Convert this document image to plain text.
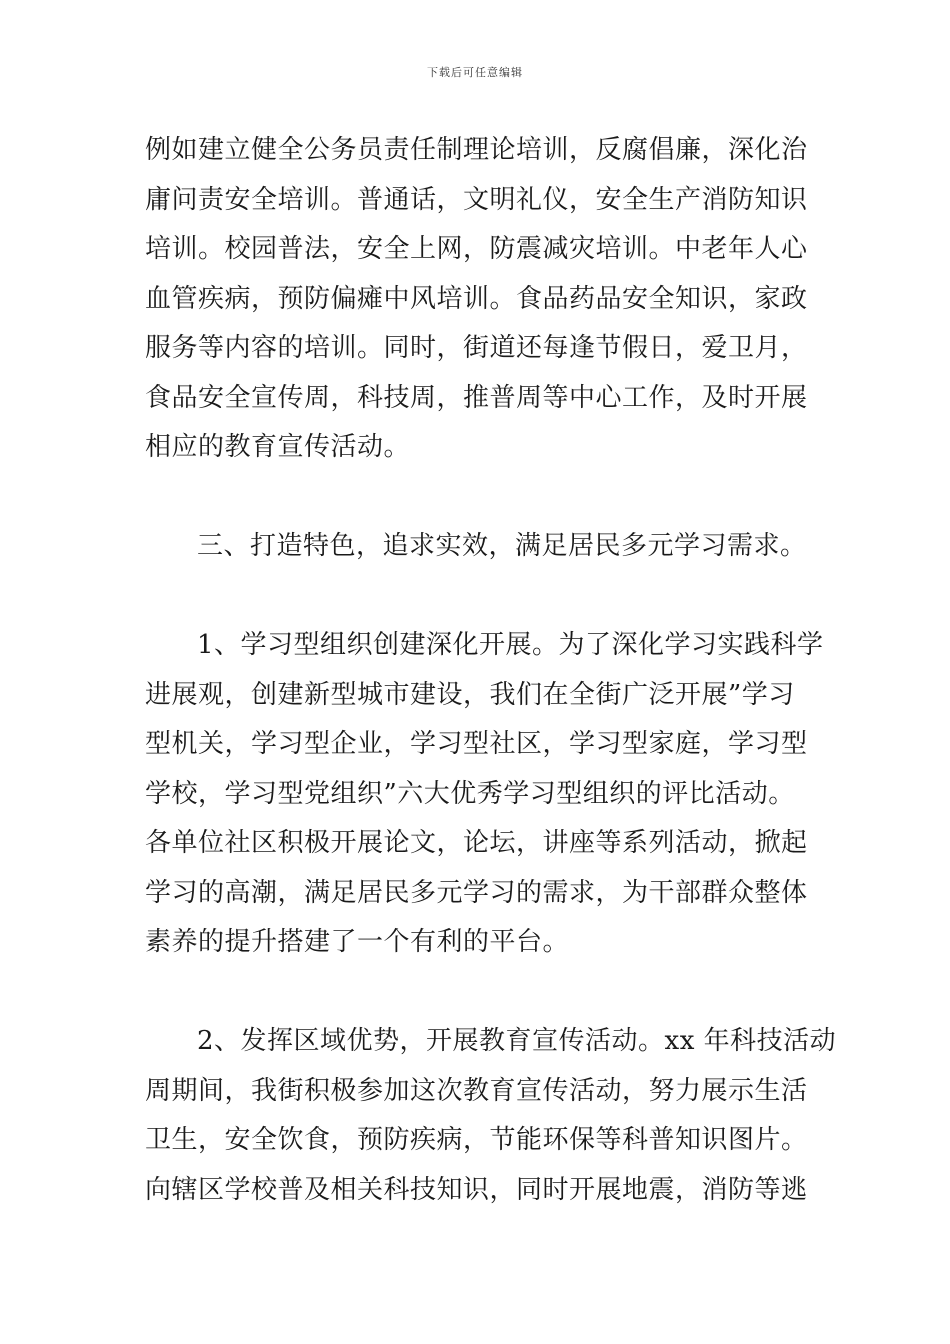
下载后可任意编辑
例如建立健全公务员责任制理论培训，反腐倡廉，深化治
庸问责安全培训。普通话，文明礼仪，安全生产消防知识
培训。校园普法，安全上网，防震减灾培训。中老年人心
血管疾病，预防偏瘫中风培训。食品药品安全知识，家政
服务等内容的培训。同时，街道还每逢节假日，爱卫月，
食品安全宣传周，科技周，推普周等中心工作，及时开展
相应的教育宣传活动。
三、打造特色，追求实效，满足居民多元学习需求。
1、学习型组织创建深化开展。为了深化学习实践科学
进展观，创建新型城市建设，我们在全街广泛开展”学习
型机关，学习型企业，学习型社区，学习型家庭，学习型
学校，学习型党组织”六大优秀学习型组织的评比活动。
各单位社区积极开展论文，论坛，讲座等系列活动，掀起
学习的高潮，满足居民多元学习的需求，为干部群众整体
素养的提升搭建了一个有利的平台。
2、发挥区域优势，开展教育宣传活动。xx 年科技活动
周期间，我街积极参加这次教育宣传活动，努力展示生活
卫生，安全饮食，预防疾病，节能环保等科普知识图片。
向辖区学校普及相关科技知识，同时开展地震，消防等逃
